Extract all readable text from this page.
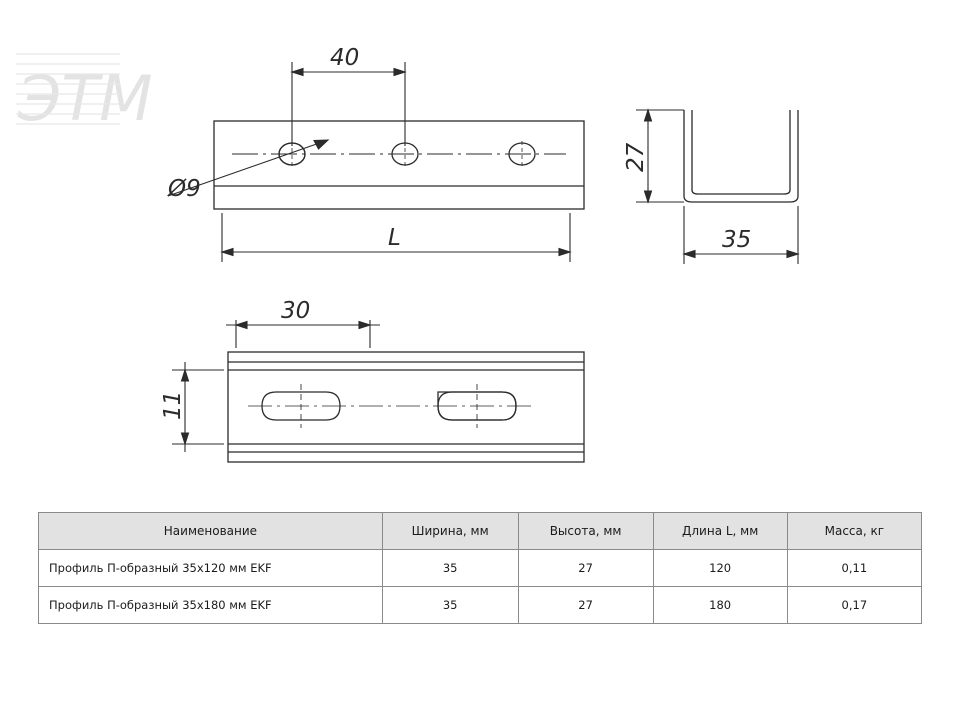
ЭТМ
40
Ø9
L
27
35
30
11
Наименование	Ширина, мм	Высота, мм	Длина L, мм	Масса, кг
Профиль П-образный 35х120 мм EKF	35	27	120	0,11
Профиль П-образный 35х180 мм EKF	35	27	180	0,17
